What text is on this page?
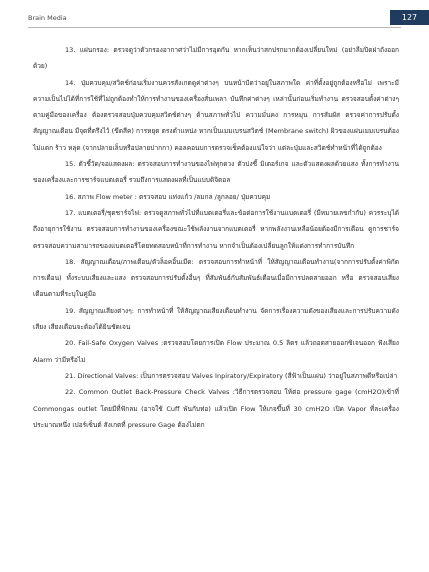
Brain Media	127

13. แผ่นกรอง: ตรวจดูว่าตัวกรองอากาศว่าไม่มีการอุดกัน หากเห็นว่าสกปรกมากต้องเปลี่ยนใหม่ (อย่าลืมปิดฝาถังออกด้วย)

14. ปุ่มควบคุม/สวิตช์ก่อนเริ่มงานควรสังเกตดูค่าต่างๆ บนหน้าปัดว่าอยู่ในสภาพใด ค่าที่ตั้งอยู่ถูกต้องหรือไม่ เพราะมีความเป็นไปได้ที่การใช้ที่ไม่ถูกต้องทำให้การทำงานของเครื่องสั่นเพลา บันทึกค่าต่างๆ เหล่านั้นก่อนเริ่มทำงาน ตรวจสอบตั้งค่าต่างๆ ตามคู่มือของเครื่อง ต้องตรวจสอบปุ่มควบคุมสวิตช์ต่างๆ ด้านสภาพทั่วไป ความมั่นคง การหมุน การสัมผัส ตรวจค่าการปรับตั้งสัญญาณเตือน มีจุดที่ตรึงไว้ (ขีดสีค) การหยุด ตรงตำแหน่ง หากเป็นเมมเบรนสวิตช์ (Membrane switch) ผิวของแผ่นเมมเบรนต้องไม่แตก ร้าว หลุด (จากปลายเล็บหรือปลายปากกา) คอลคอนบการตรวจเช็คต้องแน่ใจว่า แต่ละปุ่มและสวิตช์ทำหน้าที่ได้ถูกต้อง

15. ตัวชี้วัด/จอแสดงผล: ตรวจสอบการทำงานของไฟทุกดวง ตัวบ่งชี้ มิเตอร์เกจ และตัวแสดงผลด้วยแสง ทั้งการทำงานของเครื่องและการชาร์จแบตเตอรี่ รวมถึงการแสดงผลที่เป็นแบบดิจิตอล

16. สภาพ Flow meter : ตรวจสอบ แท่งแก้ว /ลมกล /ลูกลอย/ ปุ่มควบคุม

17. แบตเตอรี่/ชุดชาร์จไฟ: ตรวจดูสภาพทั่วไปที่แบตเตอรี่และข้อต่อการใช้งานแบตเตอรี่ (มีหมายเลขกำกับ) ควรระบุได้ถึงอายุการใช้งาน ตรวจสอบการทำงานของเครื่องขณะใช้พลังงานจากแบตเตอรี่ หากพลังงานเหลือน้อยต้องมีการเตือน ดูการชาร์จ ตรวจสอบความสามารถของแบตเตอรี่โดยทดสอบหน้าที่การทำงาน หากจำเป็นต้องเปลี่ยนลูกให้แต่งการทำการบันทึก

18. สัญญาณเตือน/ภาพเตือน/ตัวล็อคอิ้นเมีด: ตรวจสอบการทำหน้าที่ ให้สัญญาณเตือนทำงาน(จากการปรับตั้งค่าพิกัดการเตือน) ทั้งระบบเสียงและแสง ตรวจสอบการปรับตั้งอื่นๆ ที่สัมพันธ์กับสัมพันธ์เตือนเมื่อมีการปลดสายออก หรือ ตรวจสอบเสียงเตือนตามที่ระบุในคู่มือ

19. สัญญาณเสียงต่างๆ: การทำหน้าที่ ให้สัญญาณเสียงเตือนทำงาน จัดการเรื่องความดังของเสียงและการปรับความดังเสียง เสียงเตือนจะต้องได้ยินชัดเจน

20. Fail-Safe Oxygen Valves :ตรวจสอบโดยการเปิด Flow ประมาณ 0.5 ลิตร แล้วถอดสายออกซิเจนออก ฟังเสียง Alarm ว่ามีหรือไม่

21. Directional Valves: เป็นการตรวจสอบ Valves Inpiratory/Expiratory (สีฟ้าเป็นแผ่น) ว่าอยู่ในสภาพดีหรือเปล่า

22. Common Outlet Back-Pressure Check Valves :วิธีการตรวจสอบ ให้ต่อ pressure gage (cmH2O)เข้าที่ Commongas outlet โดยมีที่ฟักลม (อาจใช้ Cuff พันกับท่อ) แล้วเปิด Flow ให้เกจขึ้นที่ 30 cmH2O เปิด Vapor ที่ละเครื่องประมาณหนึ่ง เปอร์เซ็นต์ สังเกตที่ pressure Gage ต้องไม่ตก
